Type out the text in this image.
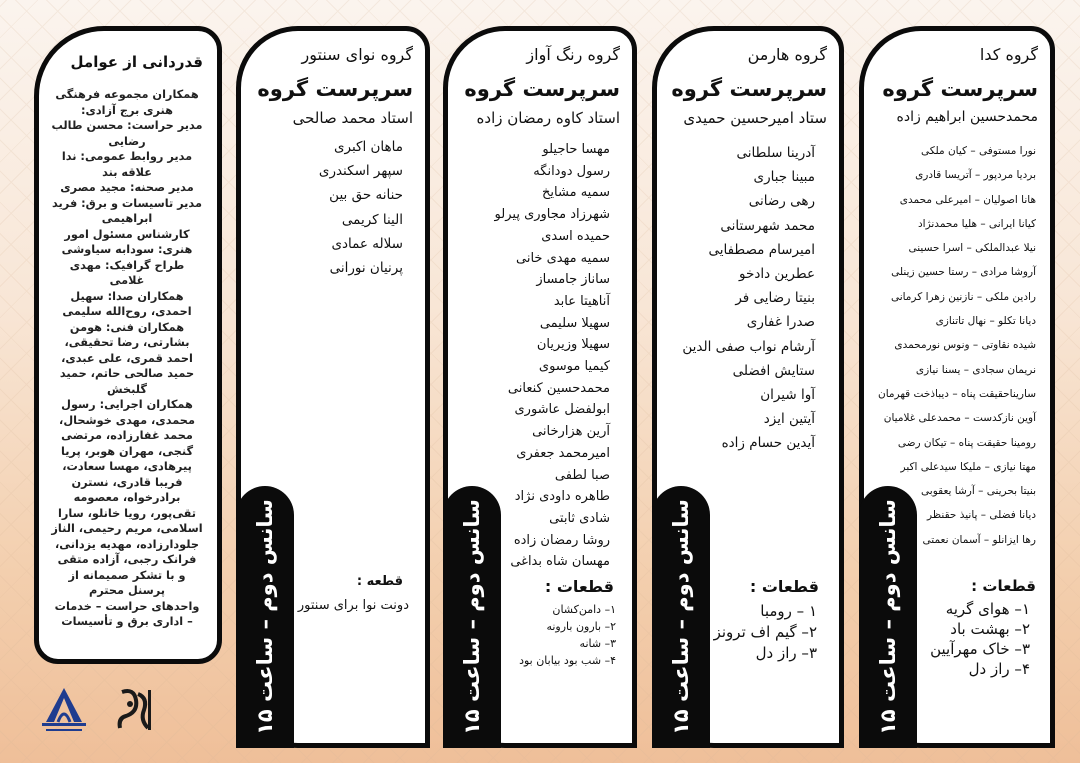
گروه کدا
سرپرست گروه
محمدحسین ابراهیم زاده
نورا مستوفی – کیان ملکی
بردیا مردپور – آتریسا قادری
هانا اصولیان – امیرعلی محمدی
کیانا ایرانی – هلیا محمدنژاد
نیلا عبدالملکی – اسرا حسینی
آروشا مرادی – رستا حسین زینلی
رادین ملکی – نازنین زهرا کرمانی
دیانا تکلو – نهال تاتنازی
شیده نقاوتی – ونوس نورمحمدی
نریمان سجادی – یسنا نیازی
ساریناحقیقت پناه – دیباذخت قهرمان
آوین نازکدست – محمدعلی غلامیان
رومینا حقیقت پناه – تیکان رضی
مهتا نیازی – ملیکا سیدعلی اکبر
بنیتا بحرینی – آرشا یعقوبی
دیانا فضلی – پانیذ حقنظر
رها ایزانلو – آسمان نعمتی
قطعات :
۱– هوای گریه
۲– بهشت باد
۳– خاک مهرآیین
۴– راز دل
سانس دوم – ساعت ۱۵
گروه هارمن
سرپرست گروه
ستاد امیرحسین حمیدی
آدرینا سلطانی
مبینا جباری
رهی رضانی
محمد شهرستانی
امیرسام مصطفایی
عطرین دادخو
بنیتا رضایی فر
صدرا غفاری
آرشام نواب صفی الدین
ستایش افضلی
آوا شیران
آیتین ایزد
آیدین حسام زاده
قطعات :
۱ – رومبا
۲– گیم اف ترونز
۳– راز دل
سانس دوم – ساعت ۱۵
گروه رنگ آواز
سرپرست گروه
استاد کاوه رمضان زاده
مهسا حاجیلو
رسول دودانگه
سمیه مشایخ
شهرزاد مجاوری پیرلو
حمیده اسدی
سمیه مهدی خانی
ساناز جامساز
آناهیتا عابد
سهیلا سلیمی
سهیلا وزیریان
کیمیا موسوی
محمدحسین کنعانی
ابولفضل عاشوری
آرین هزارخانی
امیرمحمد جعفری
صبا لطفی
طاهره داودی نژاد
شادی ثابتی
روشا رمضان زاده
مهسان شاه بداغی
قطعات :
۱– دامن‌کشان
۲– بارون بارونه
۳– شانه
۴– شب بود بیابان بود
سانس دوم – ساعت ۱۵
گروه نوای سنتور
سرپرست گروه
استاد محمد صالحی
ماهان اکبری
سپهر اسکندری
حنانه حق بین
الینا کریمی
سلاله عمادی
پرنیان نورانی
قطعه :
دونت نوا برای سنتور
سانس دوم – ساعت ۱۵
قدردانی از عوامل

همکاران مجموعه فرهنگی هنری برج آزادی:

مدیر حراست: محسن طالب رضایی

مدیر روابط عمومی: ندا علاقه بند

مدیر صحنه: مجید مصری

مدیر تاسیسات و برق: فرید ابراهیمی

کارشناس مسئول امور هنری: سودابه سیاوشی

طراح گرافیک: مهدی غلامی

همکاران صدا: سهیل احمدی، روح‌الله سلیمی

همکاران فنی: هومن بشارتی، رضا تحقیقی، احمد قمری، علی عبدی، حمید صالحی حاتم، حمید گلبخش

همکاران اجرایی: رسول محمدی، مهدی خوشحال، محمد غفارزاده، مرتضی گنجی، مهران هوبر، پریا پیرهادی، مهسا سعادت، فریبا قادری، نسترن برادرخواه، معصومه تقی‌پور، رویا خانلو، سارا اسلامی، مریم رحیمی، الناز جلودارزاده، مهدیه یزدانی، فرانک رجبی، آزاده متقی

و با تشکر صمیمانه از پرسنل محترم

واحدهای حراست – خدمات – اداری برق و تأسیسات
